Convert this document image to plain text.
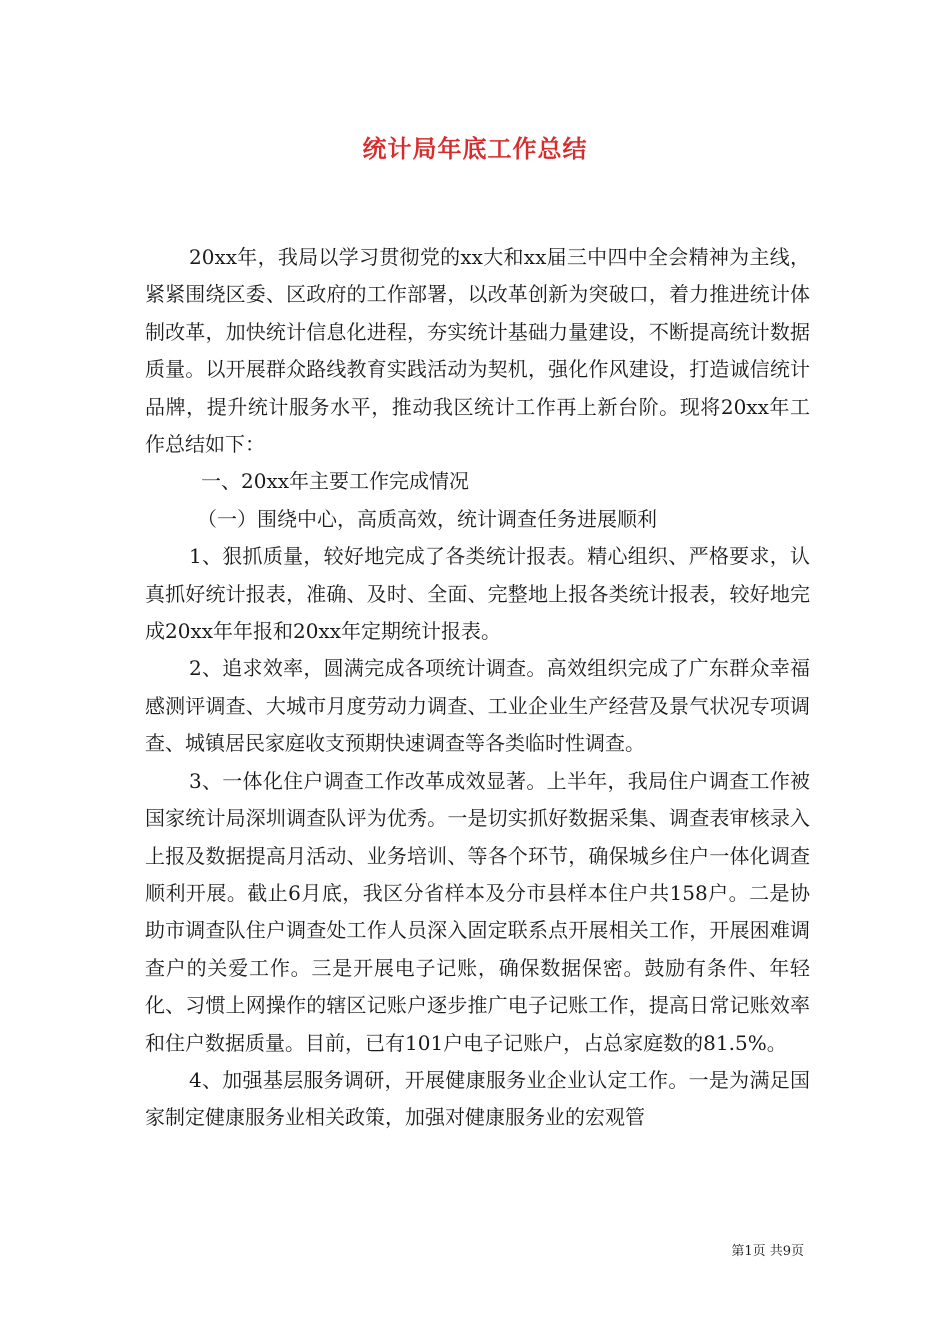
统计局年底工作总结

20xx年，我局以学习贯彻党的xx大和xx届三中四中全会精神为主线，紧紧围绕区委、区政府的工作部署，以改革创新为突破口，着力推进统计体制改革，加快统计信息化进程，夯实统计基础力量建设，不断提高统计数据质量。以开展群众路线教育实践活动为契机，强化作风建设，打造诚信统计品牌，提升统计服务水平，推动我区统计工作再上新台阶。现将20xx年工作总结如下：

一、20xx年主要工作完成情况

（一）围绕中心，高质高效，统计调查任务进展顺利

1、狠抓质量，较好地完成了各类统计报表。精心组织、严格要求，认真抓好统计报表，准确、及时、全面、完整地上报各类统计报表，较好地完成20xx年年报和20xx年定期统计报表。

2、追求效率，圆满完成各项统计调查。高效组织完成了广东群众幸福感测评调查、大城市月度劳动力调查、工业企业生产经营及景气状况专项调查、城镇居民家庭收支预期快速调查等各类临时性调查。

3、一体化住户调查工作改革成效显著。上半年，我局住户调查工作被国家统计局深圳调查队评为优秀。一是切实抓好数据采集、调查表审核录入上报及数据提高月活动、业务培训、等各个环节，确保城乡住户一体化调查顺利开展。截止6月底，我区分省样本及分市县样本住户共158户。二是协助市调查队住户调查处工作人员深入固定联系点开展相关工作，开展困难调查户的关爱工作。三是开展电子记账，确保数据保密。鼓励有条件、年轻化、习惯上网操作的辖区记账户逐步推广电子记账工作，提高日常记账效率和住户数据质量。目前，已有101户电子记账户，占总家庭数的81.5%。

4、加强基层服务调研，开展健康服务业企业认定工作。一是为满足国家制定健康服务业相关政策，加强对健康服务业的宏观管

第1页 共9页
